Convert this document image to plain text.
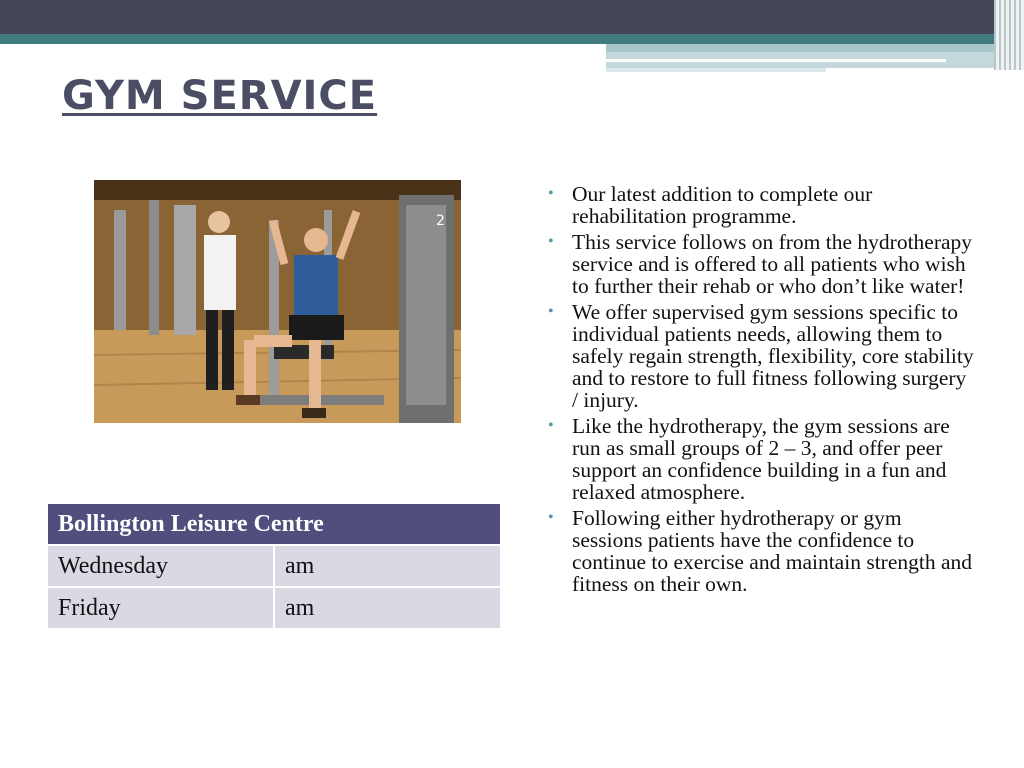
GYM SERVICE
2
Bollington Leisure Centre	
Wednesday	am
Friday	am
• Our latest addition to complete our rehabilitation programme.
• This service follows on from the hydrotherapy service and is offered to all patients who wish to further their rehab or who don’t like water!
• We offer supervised gym sessions specific to individual patients needs, allowing them to safely regain strength, flexibility, core stability and to restore to full fitness following surgery / injury.
• Like the hydrotherapy, the gym sessions are run as small groups of 2 – 3, and offer peer support an confidence building in a fun and relaxed atmosphere.
• Following either hydrotherapy or gym sessions patients have the confidence to continue to exercise and maintain strength and fitness on their own.
